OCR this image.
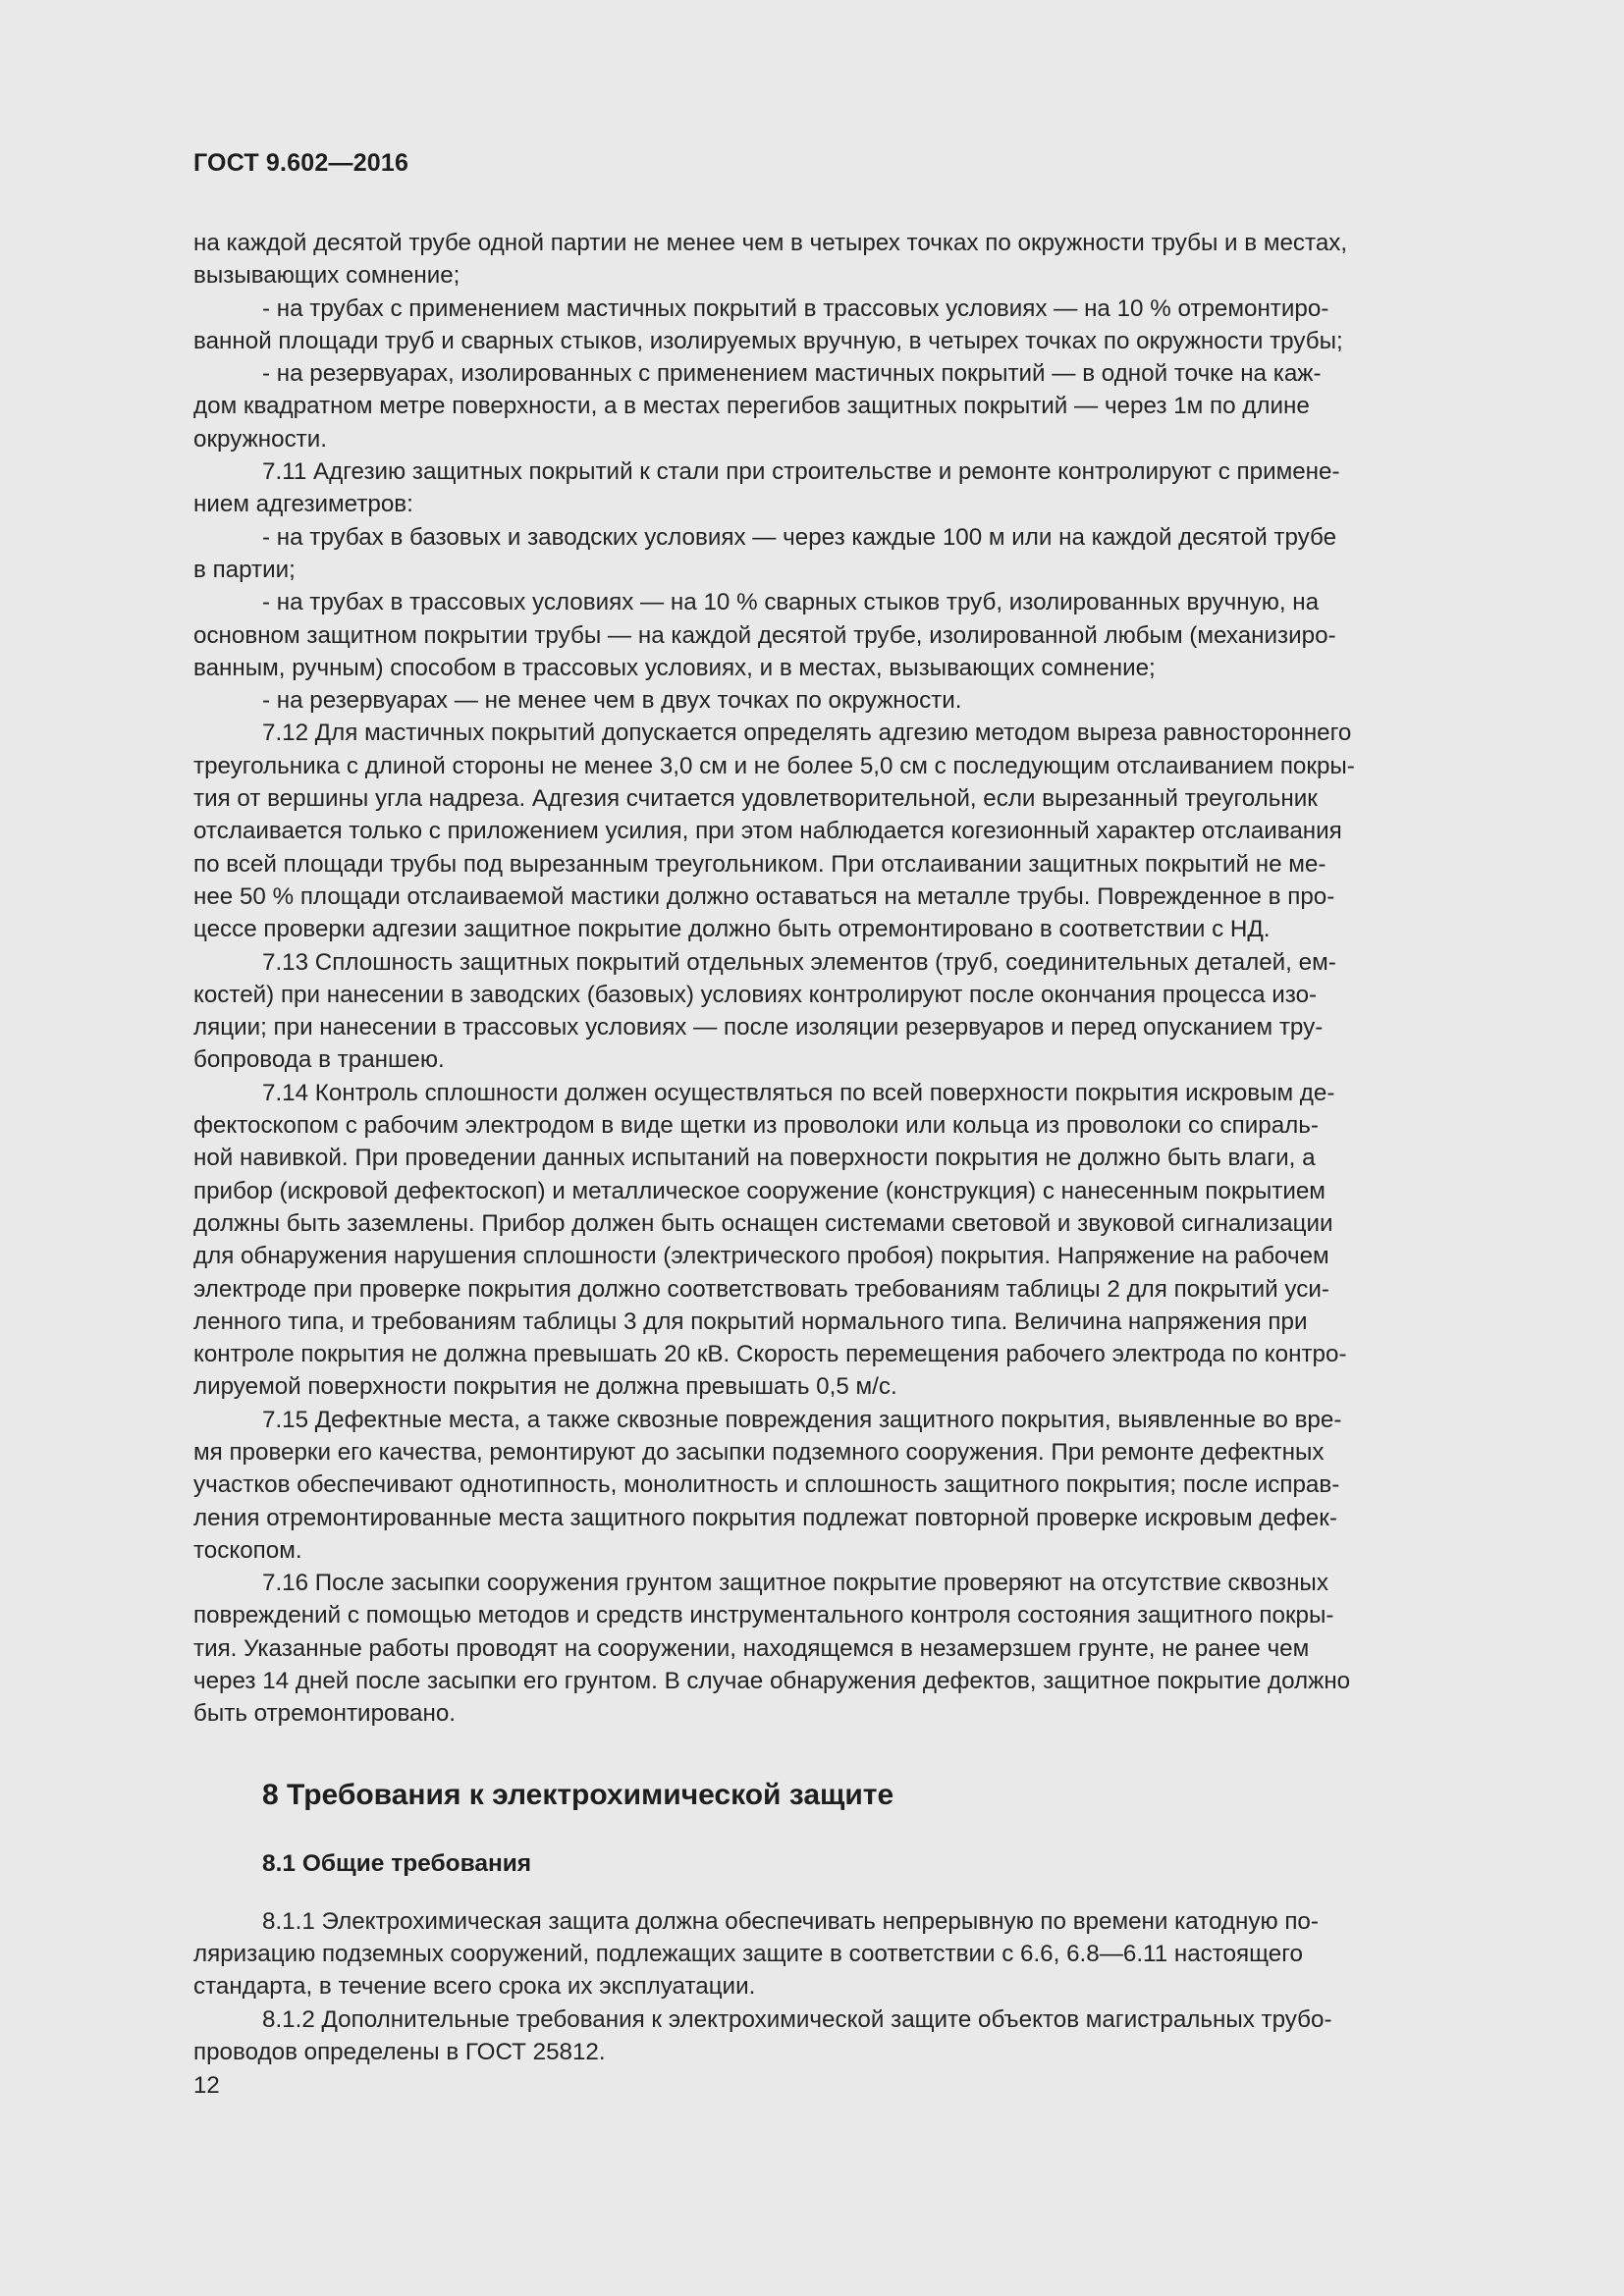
ГОСТ 9.602—2016

на каждой десятой трубе одной партии не менее чем в четырех точках по окружности трубы и в местах,
вызывающих сомнение;

- на трубах с применением мастичных покрытий в трассовых условиях — на 10 % отремонтиро-
ванной площади труб и сварных стыков, изолируемых вручную, в четырех точках по окружности трубы;

- на резервуарах, изолированных с применением мастичных покрытий — в одной точке на каж-
дом квадратном метре поверхности, а в местах перегибов защитных покрытий — через 1м по длине
окружности.

7.11 Адгезию защитных покрытий к стали при строительстве и ремонте контролируют с примене-
нием адгезиметров:

- на трубах в базовых и заводских условиях — через каждые 100 м или на каждой десятой трубе
в партии;

- на трубах в трассовых условиях — на 10 % сварных стыков труб, изолированных вручную, на
основном защитном покрытии трубы — на каждой десятой трубе, изолированной любым (механизиро-
ванным, ручным) способом в трассовых условиях, и в местах, вызывающих сомнение;

- на резервуарах — не менее чем в двух точках по окружности.

7.12 Для мастичных покрытий допускается определять адгезию методом выреза равностороннего
треугольника с длиной стороны не менее 3,0 см и не более 5,0 см с последующим отслаиванием покры-
тия от вершины угла надреза. Адгезия считается удовлетворительной, если вырезанный треугольник
отслаивается только с приложением усилия, при этом наблюдается когезионный характер отслаивания
по всей площади трубы под вырезанным треугольником. При отслаивании защитных покрытий не ме-
нее 50 % площади отслаиваемой мастики должно оставаться на металле трубы. Поврежденное в про-
цессе проверки адгезии защитное покрытие должно быть отремонтировано в соответствии с НД.

7.13 Сплошность защитных покрытий отдельных элементов (труб, соединительных деталей, ем-
костей) при нанесении в заводских (базовых) условиях контролируют после окончания процесса изо-
ляции; при нанесении в трассовых условиях — после изоляции резервуаров и перед опусканием тру-
бопровода в траншею.

7.14 Контроль сплошности должен осуществляться по всей поверхности покрытия искровым де-
фектоскопом с рабочим электродом в виде щетки из проволоки или кольца из проволоки со спираль-
ной навивкой. При проведении данных испытаний на поверхности покрытия не должно быть влаги, а
прибор (искровой дефектоскоп) и металлическое сооружение (конструкция) с нанесенным покрытием
должны быть заземлены. Прибор должен быть оснащен системами световой и звуковой сигнализации
для обнаружения нарушения сплошности (электрического пробоя) покрытия. Напряжение на рабочем
электроде при проверке покрытия должно соответствовать требованиям таблицы 2 для покрытий уси-
ленного типа, и требованиям таблицы 3 для покрытий нормального типа. Величина напряжения при
контроле покрытия не должна превышать 20 кВ. Скорость перемещения рабочего электрода по контро-
лируемой поверхности покрытия не должна превышать 0,5 м/с.

7.15 Дефектные места, а также сквозные повреждения защитного покрытия, выявленные во вре-
мя проверки его качества, ремонтируют до засыпки подземного сооружения. При ремонте дефектных
участков обеспечивают однотипность, монолитность и сплошность защитного покрытия; после исправ-
ления отремонтированные места защитного покрытия подлежат повторной проверке искровым дефек-
тоскопом.

7.16 После засыпки сооружения грунтом защитное покрытие проверяют на отсутствие сквозных
повреждений с помощью методов и средств инструментального контроля состояния защитного покры-
тия. Указанные работы проводят на сооружении, находящемся в незамерзшем грунте, не ранее чем
через 14 дней после засыпки его грунтом. В случае обнаружения дефектов, защитное покрытие должно
быть отремонтировано.

8 Требования к электрохимической защите
8.1 Общие требования

8.1.1 Электрохимическая защита должна обеспечивать непрерывную по времени катодную по-
ляризацию подземных сооружений, подлежащих защите в соответствии с 6.6, 6.8—6.11 настоящего
стандарта, в течение всего срока их эксплуатации.

8.1.2 Дополнительные требования к электрохимической защите объектов магистральных трубо-
проводов определены в ГОСТ 25812.

12
